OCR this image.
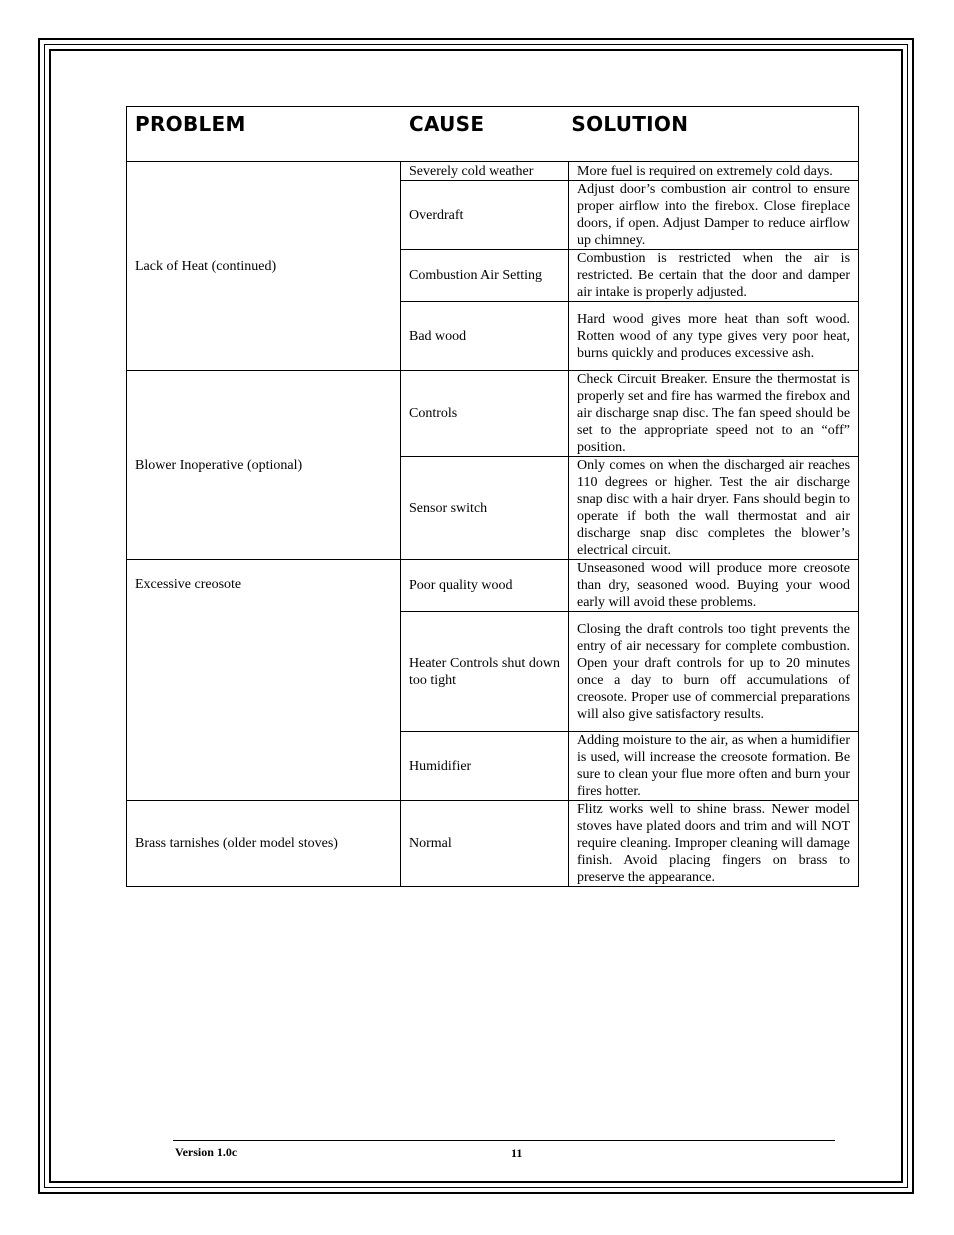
PROBLEM CAUSE SOLUTION		
Lack of Heat (continued)	Severely cold weather	More fuel is required on extremely cold days.
	Overdraft	Adjust door’s combustion air control to ensure proper airflow into the firebox. Close fireplace doors, if open. Adjust Damper to reduce airflow up chimney.
	Combustion Air Setting	Combustion is restricted when the air is restricted. Be certain that the door and damper air intake is properly adjusted.
	Bad wood	Hard wood gives more heat than soft wood. Rotten wood of any type gives very poor heat, burns quickly and produces excessive ash.
Blower Inoperative (optional)	Controls	Check Circuit Breaker. Ensure the thermostat is properly set and fire has warmed the firebox and air discharge snap disc. The fan speed should be set to the appropriate speed not to an “off” position.
	Sensor switch	Only comes on when the discharged air reaches 110 degrees or higher. Test the air discharge snap disc with a hair dryer. Fans should begin to operate if both the wall thermostat and air discharge snap disc completes the blower’s electrical circuit.
Excessive creosote	Poor quality wood	Unseasoned wood will produce more creosote than dry, seasoned wood. Buying your wood early will avoid these problems.
	Heater Controls shut down too tight	Closing the draft controls too tight prevents the entry of air necessary for complete combustion. Open your draft controls for up to 20 minutes once a day to burn off accumulations of creosote. Proper use of commercial preparations will also give satisfactory results.
	Humidifier	Adding moisture to the air, as when a humidifier is used, will increase the creosote formation. Be sure to clean your flue more often and burn your fires hotter.
Brass tarnishes (older model stoves)	Normal	Flitz works well to shine brass. Newer model stoves have plated doors and trim and will NOT require cleaning. Improper cleaning will damage finish. Avoid placing fingers on brass to preserve the appearance.
Version 1.0c	11
